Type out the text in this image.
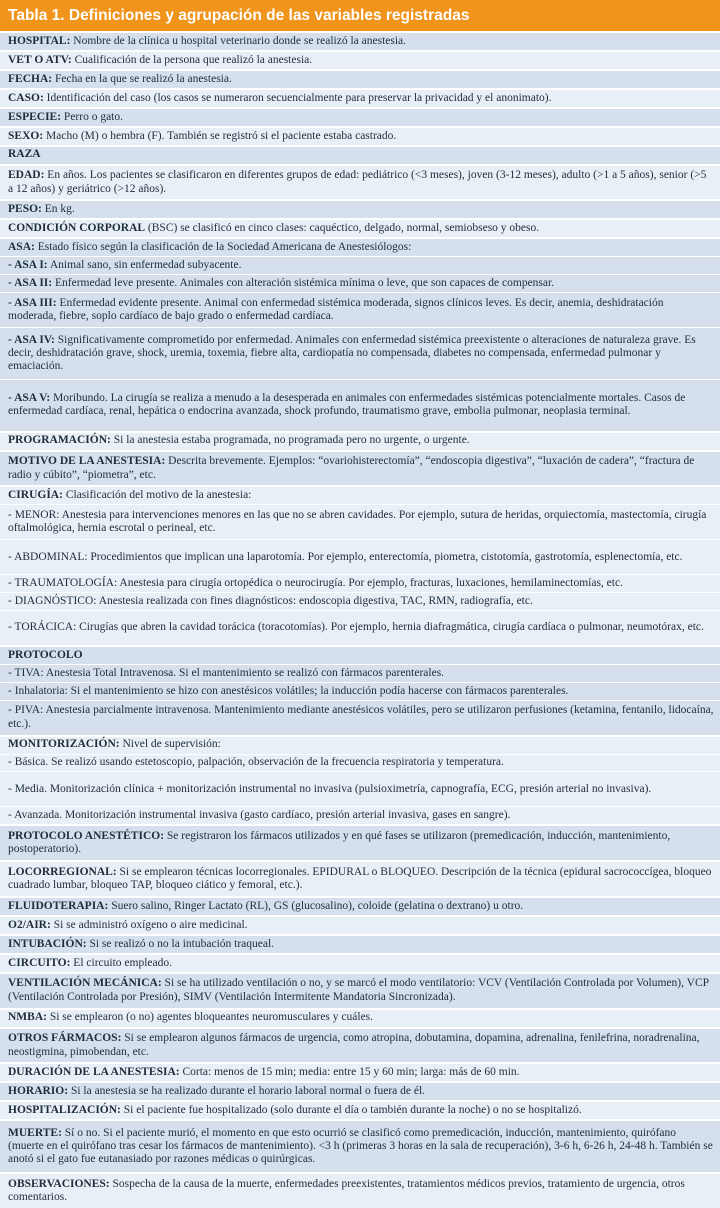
Tabla 1. Definiciones y agrupación de las variables registradas
HOSPITAL: Nombre de la clínica u hospital veterinario donde se realizó la anestesia.
VET O ATV: Cualificación de la persona que realizó la anestesia.
FECHA: Fecha en la que se realizó la anestesia.
CASO: Identificación del caso (los casos se numeraron secuencialmente para preservar la privacidad y el anonimato).
ESPECIE: Perro o gato.
SEXO: Macho (M) o hembra (F). También se registró si el paciente estaba castrado.
RAZA
EDAD: En años. Los pacientes se clasificaron en diferentes grupos de edad: pediátrico (<3 meses), joven (3-12 meses), adulto (>1 a 5 años), senior (>5 a 12 años) y geriátrico (>12 años).
PESO: En kg.
CONDICIÓN CORPORAL (BSC) se clasificó en cinco clases: caquéctico, delgado, normal, semiobseso y obeso.
ASA: Estado físico según la clasificación de la Sociedad Americana de Anestesiólogos:
- ASA I: Animal sano, sin enfermedad subyacente.
- ASA II: Enfermedad leve presente. Animales con alteración sistémica mínima o leve, que son capaces de compensar.
- ASA III: Enfermedad evidente presente. Animal con enfermedad sistémica moderada, signos clínicos leves. Es decir, anemia, deshidratación moderada, fiebre, soplo cardíaco de bajo grado o enfermedad cardíaca.
- ASA IV: Significativamente comprometido por enfermedad. Animales con enfermedad sistémica preexistente o alteraciones de naturaleza grave. Es decir, deshidratación grave, shock, uremia, toxemia, fiebre alta, cardiopatía no compensada, diabetes no compensada, enfermedad pulmonar y emaciación.
- ASA V: Moribundo. La cirugía se realiza a menudo a la desesperada en animales con enfermedades sistémicas potencialmente mortales. Casos de enfermedad cardíaca, renal, hepática o endocrina avanzada, shock profundo, traumatismo grave, embolia pulmonar, neoplasia terminal.
PROGRAMACIÓN: Si la anestesia estaba programada, no programada pero no urgente, o urgente.
MOTIVO DE LA ANESTESIA: Descrita brevemente. Ejemplos: “ovariohisterectomía”, “endoscopia digestiva”, “luxación de cadera”, “fractura de radio y cúbito”, “piometra”, etc.
CIRUGÍA: Clasificación del motivo de la anestesia:
- MENOR: Anestesia para intervenciones menores en las que no se abren cavidades. Por ejemplo, sutura de heridas, orquiectomía, mastectomía, cirugía oftalmológica, hernia escrotal o perineal, etc.
- ABDOMINAL: Procedimientos que implican una laparotomía. Por ejemplo, enterectomía, piometra, cistotomía, gastrotomía, esplenectomía, etc.
- TRAUMATOLOGÍA: Anestesia para cirugía ortopédica o neurocirugía. Por ejemplo, fracturas, luxaciones, hemilaminectomías, etc.
- DIAGNÓSTICO: Anestesia realizada con fines diagnósticos: endoscopia digestiva, TAC, RMN, radiografía, etc.
- TORÁCICA: Cirugías que abren la cavidad torácica (toracotomías). Por ejemplo, hernia diafragmática, cirugía cardíaca o pulmonar, neumotórax, etc.
PROTOCOLO
- TIVA: Anestesia Total Intravenosa. Si el mantenimiento se realizó con fármacos parenterales.
- Inhalatoria: Si el mantenimiento se hizo con anestésicos volátiles; la inducción podía hacerse con fármacos parenterales.
- PIVA: Anestesia parcialmente intravenosa. Mantenimiento mediante anestésicos volátiles, pero se utilizaron perfusiones (ketamina, fentanilo, lidocaína, etc.).
MONITORIZACIÓN: Nivel de supervisión:
- Básica. Se realizó usando estetoscopio, palpación, observación de la frecuencia respiratoria y temperatura.
- Media. Monitorización clínica + monitorización instrumental no invasiva (pulsioximetría, capnografía, ECG, presión arterial no invasiva).
- Avanzada. Monitorización instrumental invasiva (gasto cardíaco, presión arterial invasiva, gases en sangre).
PROTOCOLO ANESTÉTICO: Se registraron los fármacos utilizados y en qué fases se utilizaron (premedicación, inducción, mantenimiento, postoperatorio).
LOCORREGIONAL: Si se emplearon técnicas locorregionales. EPIDURAL o BLOQUEO. Descripción de la técnica (epidural sacrococcígea, bloqueo cuadrado lumbar, bloqueo TAP, bloqueo ciático y femoral, etc.).
FLUIDOTERAPIA: Suero salino, Ringer Lactato (RL), GS (glucosalino), coloide (gelatina o dextrano) u otro.
O2/AIR: Si se administró oxígeno o aire medicinal.
INTUBACIÓN: Si se realizó o no la intubación traqueal.
CIRCUITO: El circuito empleado.
VENTILACIÓN MECÁNICA: Si se ha utilizado ventilación o no, y se marcó el modo ventilatorio: VCV (Ventilación Controlada por Volumen), VCP (Ventilación Controlada por Presión), SIMV (Ventilación Intermitente Mandatoria Sincronizada).
NMBA: Si se emplearon (o no) agentes bloqueantes neuromusculares y cuáles.
OTROS FÁRMACOS: Si se emplearon algunos fármacos de urgencia, como atropina, dobutamina, dopamina, adrenalina, fenilefrina, noradrenalina, neostigmina, pimobendan, etc.
DURACIÓN DE LA ANESTESIA: Corta: menos de 15 min; media: entre 15 y 60 min; larga: más de 60 min.
HORARIO: Si la anestesia se ha realizado durante el horario laboral normal o fuera de él.
HOSPITALIZACIÓN: Si el paciente fue hospitalizado (solo durante el día o también durante la noche) o no se hospitalizó.
MUERTE: Sí o no. Si el paciente murió, el momento en que esto ocurrió se clasificó como premedicación, inducción, mantenimiento, quirófano (muerte en el quirófano tras cesar los fármacos de mantenimiento). <3 h (primeras 3 horas en la sala de recuperación), 3-6 h, 6-26 h, 24-48 h. También se anotó si el gato fue eutanasiado por razones médicas o quirúrgicas.
OBSERVACIONES: Sospecha de la causa de la muerte, enfermedades preexistentes, tratamientos médicos previos, tratamiento de urgencia, otros comentarios.
